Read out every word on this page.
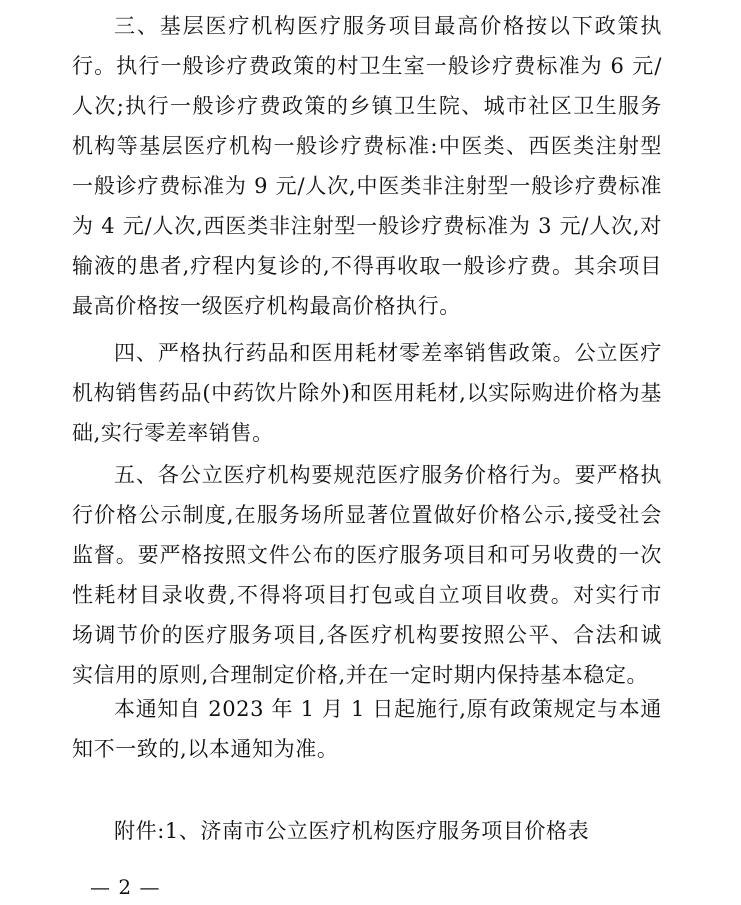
三、基层医疗机构医疗服务项目最高价格按以下政策执行。执行一般诊疗费政策的村卫生室一般诊疗费标准为 6 元/人次;执行一般诊疗费政策的乡镇卫生院、城市社区卫生服务机构等基层医疗机构一般诊疗费标准:中医类、西医类注射型一般诊疗费标准为 9 元/人次,中医类非注射型一般诊疗费标准为 4 元/人次,西医类非注射型一般诊疗费标准为 3 元/人次,对输液的患者,疗程内复诊的,不得再收取一般诊疗费。其余项目最高价格按一级医疗机构最高价格执行。

四、严格执行药品和医用耗材零差率销售政策。公立医疗机构销售药品(中药饮片除外)和医用耗材,以实际购进价格为基础,实行零差率销售。

五、各公立医疗机构要规范医疗服务价格行为。要严格执行价格公示制度,在服务场所显著位置做好价格公示,接受社会监督。要严格按照文件公布的医疗服务项目和可另收费的一次性耗材目录收费,不得将项目打包或自立项目收费。对实行市场调节价的医疗服务项目,各医疗机构要按照公平、合法和诚实信用的原则,合理制定价格,并在一定时期内保持基本稳定。

本通知自 2023 年 1 月 1 日起施行,原有政策规定与本通知不一致的,以本通知为准。

附件:1、济南市公立医疗机构医疗服务项目价格表

— 2 —
